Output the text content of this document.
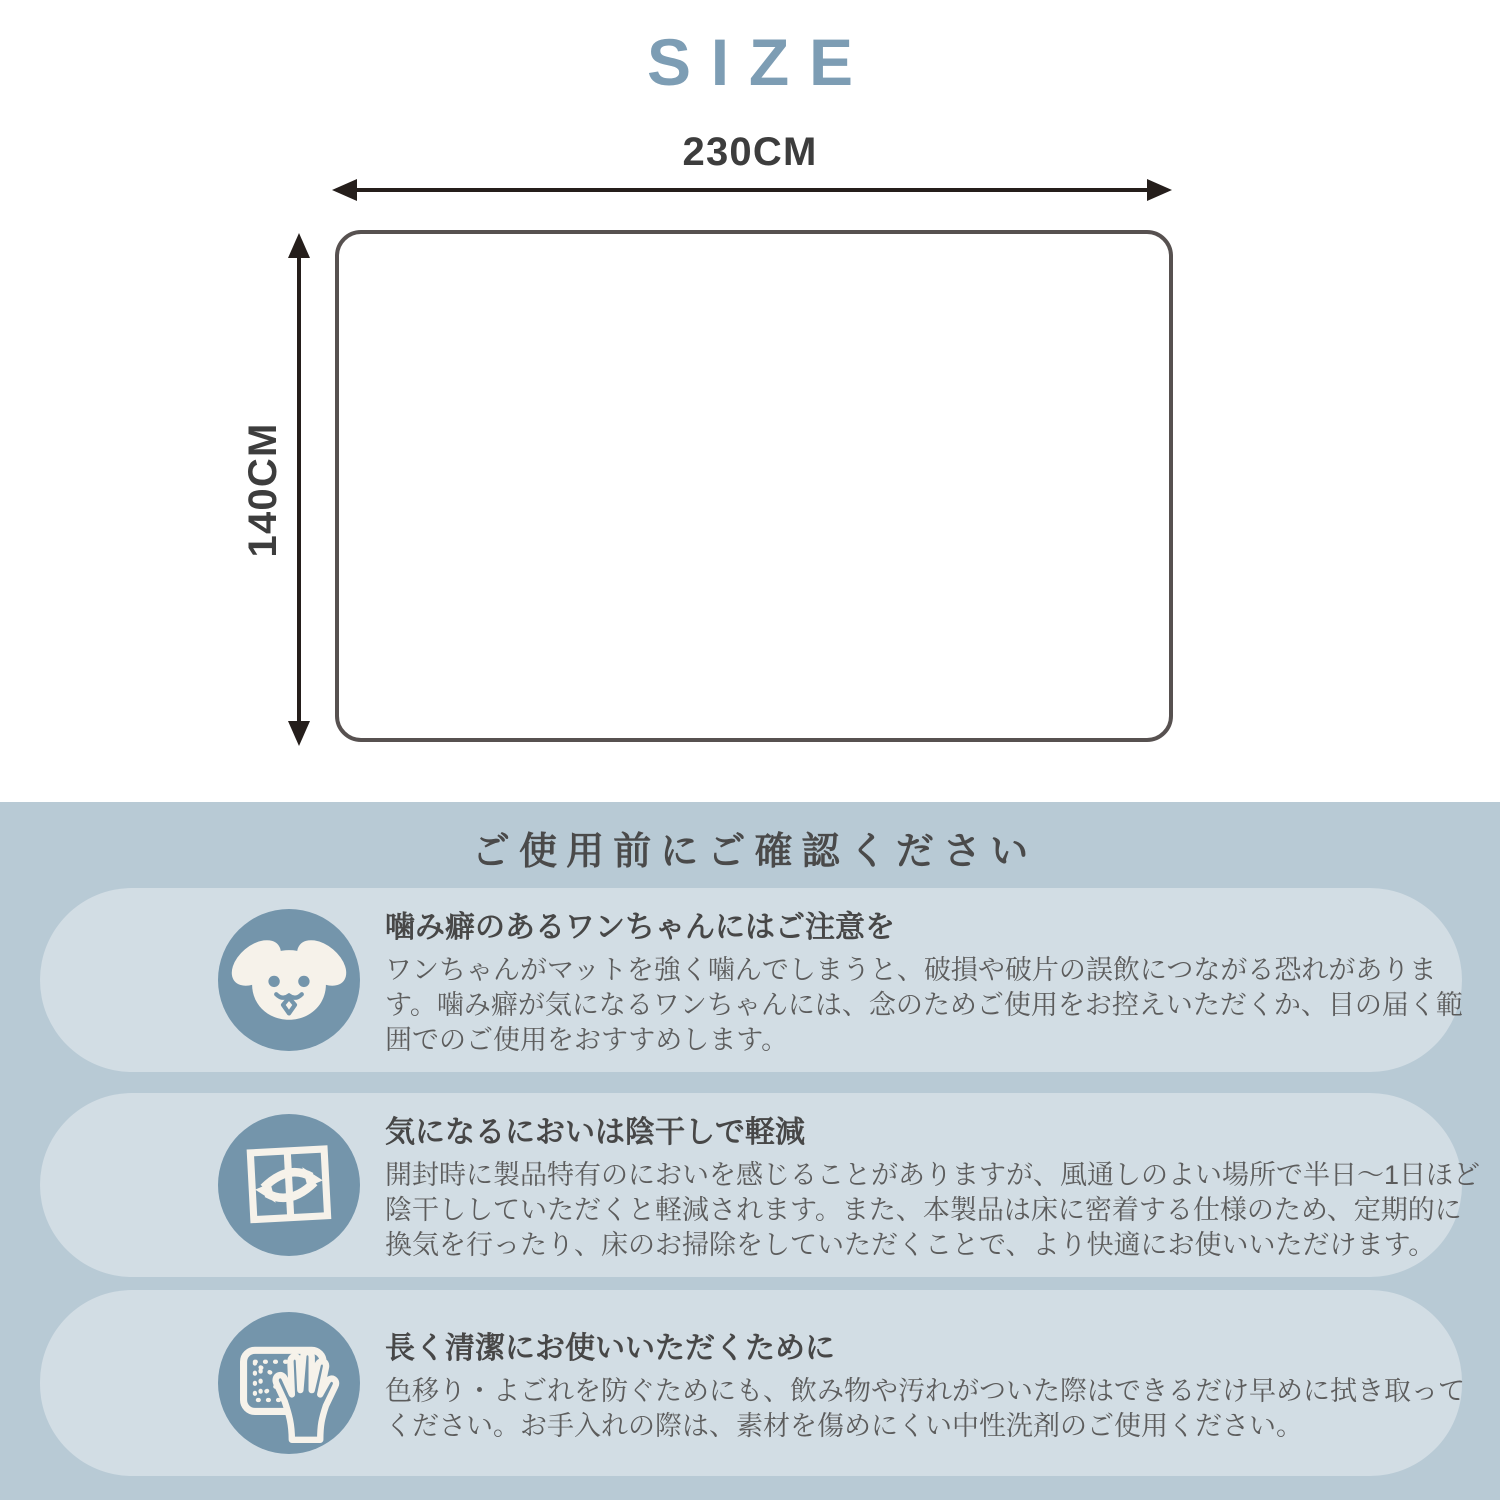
SIZE
230CM
140CM
ご使用前にご確認ください

噛み癖のあるワンちゃんにはご注意を

ワンちゃんがマットを強く噛んでしまうと、破損や破片の誤飲につながる恐れがあります。噛み癖が気になるワンちゃんには、念のためご使用をお控えいただくか、目の届く範囲でのご使用をおすすめします。

気になるにおいは陰干しで軽減

開封時に製品特有のにおいを感じることがありますが、風通しのよい場所で半日〜1日ほど陰干ししていただくと軽減されます。また、本製品は床に密着する仕様のため、定期的に換気を行ったり、床のお掃除をしていただくことで、より快適にお使いいただけます。

長く清潔にお使いいただくために

色移り・よごれを防ぐためにも、飲み物や汚れがついた際はできるだけ早めに拭き取ってください。お手入れの際は、素材を傷めにくい中性洗剤のご使用ください。
